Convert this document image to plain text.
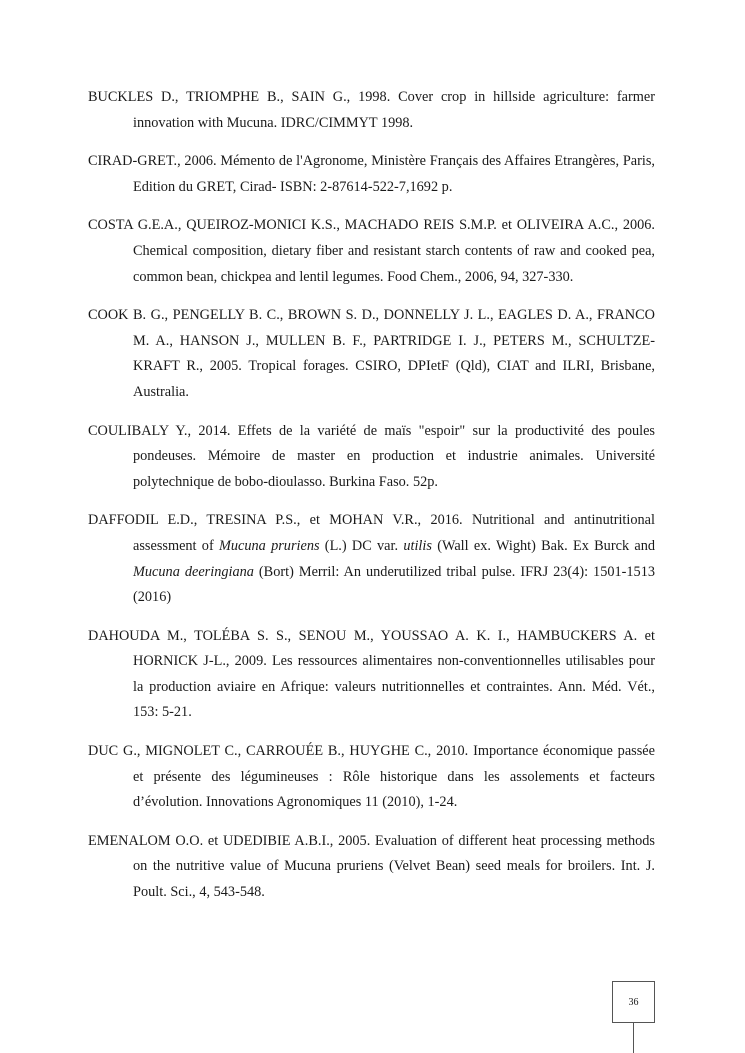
BUCKLES D., TRIOMPHE B., SAIN G., 1998. Cover crop in hillside agriculture: farmer innovation with Mucuna. IDRC/CIMMYT 1998.

CIRAD-GRET., 2006. Mémento de l'Agronome, Ministère Français des Affaires Etrangères, Paris, Edition du GRET, Cirad- ISBN: 2-87614-522-7,1692 p.

COSTA G.E.A., QUEIROZ-MONICI K.S., MACHADO REIS S.M.P. et OLIVEIRA A.C., 2006. Chemical composition, dietary fiber and resistant starch contents of raw and cooked pea, common bean, chickpea and lentil legumes. Food Chem., 2006, 94, 327-330.

COOK B. G., PENGELLY B. C., BROWN S. D., DONNELLY J. L., EAGLES D. A., FRANCO M. A., HANSON J., MULLEN B. F., PARTRIDGE I. J., PETERS M., SCHULTZE-KRAFT R., 2005. Tropical forages. CSIRO, DPIetF (Qld), CIAT and ILRI, Brisbane, Australia.

COULIBALY Y., 2014. Effets de la variété de maïs "espoir" sur la productivité des poules pondeuses. Mémoire de master en production et industrie animales. Université polytechnique de bobo-dioulasso. Burkina Faso. 52p.

DAFFODIL E.D., TRESINA P.S., et MOHAN V.R., 2016. Nutritional and antinutritional assessment of Mucuna pruriens (L.) DC var. utilis (Wall ex. Wight) Bak. Ex Burck and Mucuna deeringiana (Bort) Merril: An underutilized tribal pulse. IFRJ 23(4): 1501-1513 (2016)

DAHOUDA M., TOLÉBA S. S., SENOU M., YOUSSAO A. K. I., HAMBUCKERS A. et HORNICK J-L., 2009. Les ressources alimentaires non-conventionnelles utilisables pour la production aviaire en Afrique: valeurs nutritionnelles et contraintes. Ann. Méd. Vét., 153: 5-21.

DUC G., MIGNOLET C., CARROUÉE B., HUYGHE C., 2010. Importance économique passée et présente des légumineuses : Rôle historique dans les assolements et facteurs d’évolution. Innovations Agronomiques 11 (2010), 1-24.

EMENALOM O.O. et UDEDIBIE A.B.I., 2005. Evaluation of different heat processing methods on the nutritive value of Mucuna pruriens (Velvet Bean) seed meals for broilers. Int. J. Poult. Sci., 4, 543-548.

36
